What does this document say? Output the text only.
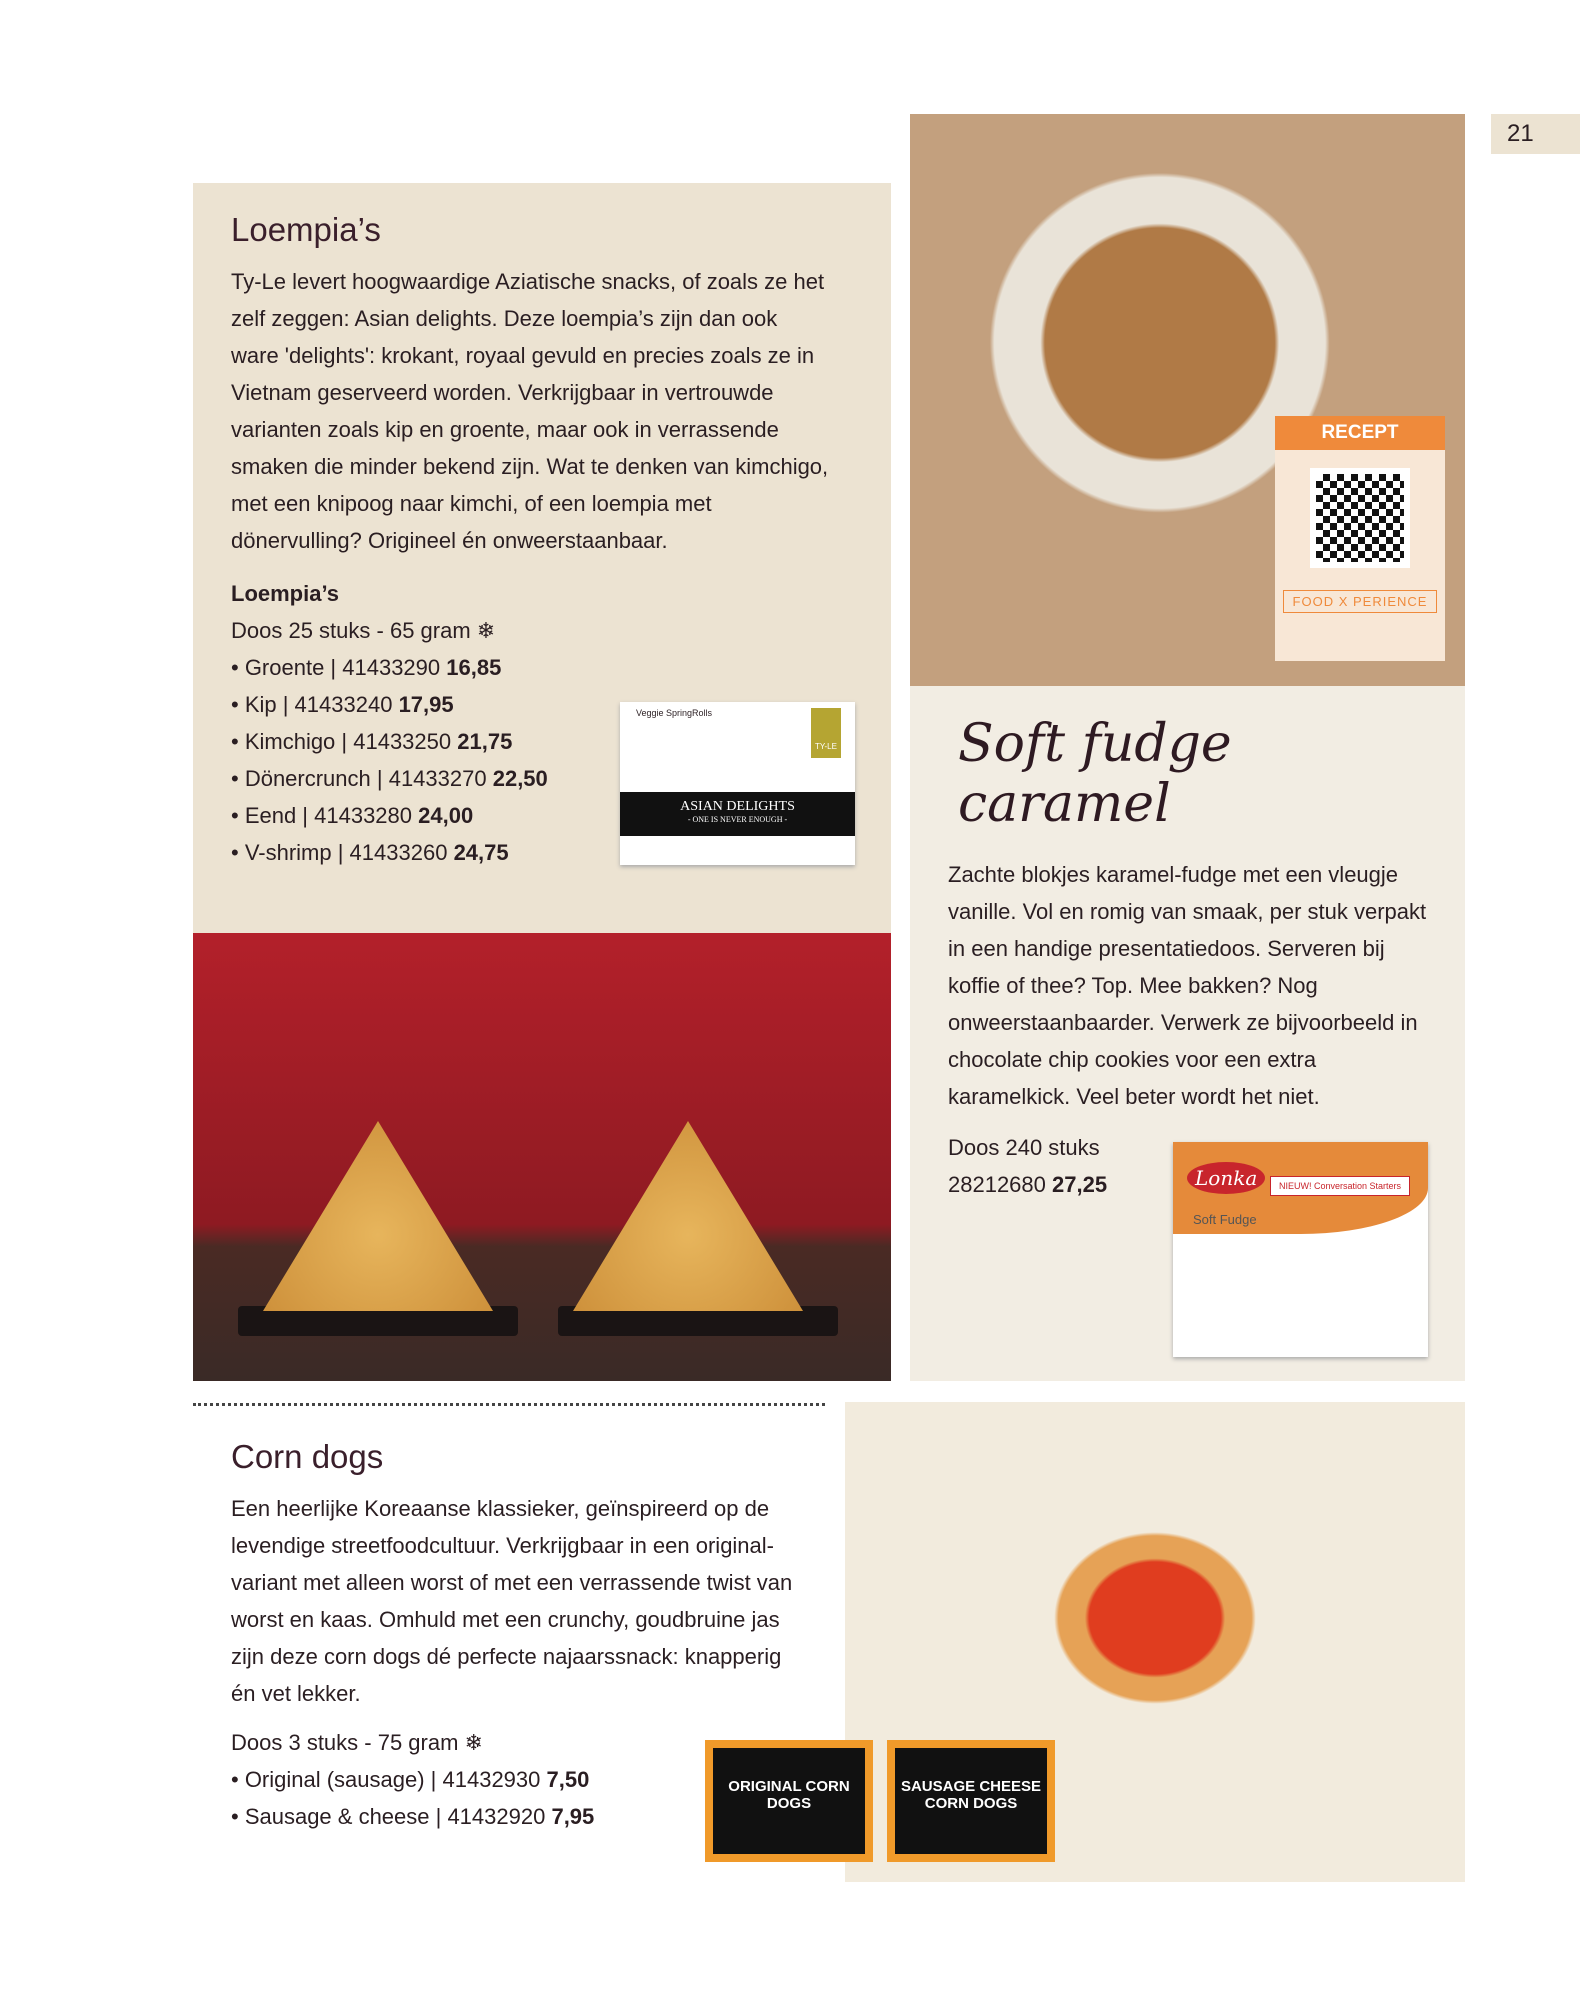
21
Loempia’s

Ty-Le levert hoogwaardige Aziatische snacks, of zoals ze het zelf zeggen: Asian delights. Deze loempia’s zijn dan ook ware 'delights': krokant, royaal gevuld en precies zoals ze in Vietnam geserveerd worden. Verkrijgbaar in vertrouwde varianten zoals kip en groente, maar ook in verrassende smaken die minder bekend zijn. Wat te denken van kimchigo, met een knipoog naar kimchi, of een loempia met dönervulling? Origineel én onweerstaanbaar.

Loempia’s
Doos 25 stuks - 65 gram ❄
• Groente | 41433290 16,85
• Kip | 41433240 17,95
• Kimchigo | 41433250 21,75
• Dönercrunch | 41433270 22,50
• Eend | 41433280 24,00
• V-shrimp | 41433260 24,75
Veggie SpringRolls
TY-LE
ASIAN DELIGHTS
- ONE IS NEVER ENOUGH -
RECEPT
FOOD X PERIENCE
Soft fudge caramel

Zachte blokjes karamel-fudge met een vleugje vanille. Vol en romig van smaak, per stuk verpakt in een handige presentatiedoos. Serveren bij koffie of thee? Top. Mee bakken? Nog onweerstaanbaarder. Verwerk ze bijvoorbeeld in chocolate chip cookies voor een extra karamelkick. Veel beter wordt het niet.

Doos 240 stuks
28212680 27,25	Lonka
Soft Fudge
NIEUW! Conversation Starters
Corn dogs

Een heerlijke Koreaanse klassieker, geïnspireerd op de levendige streetfoodcultuur. Verkrijgbaar in een original-variant met alleen worst of met een verrassende twist van worst en kaas. Omhuld met een crunchy, goudbruine jas zijn deze corn dogs dé perfecte najaarssnack: knapperig én vet lekker.

Doos 3 stuks - 75 gram ❄
• Original (sausage) | 41432930 7,50
• Sausage & cheese | 41432920 7,95
ORIGINAL CORN DOGS
SAUSAGE CHEESE CORN DOGS
